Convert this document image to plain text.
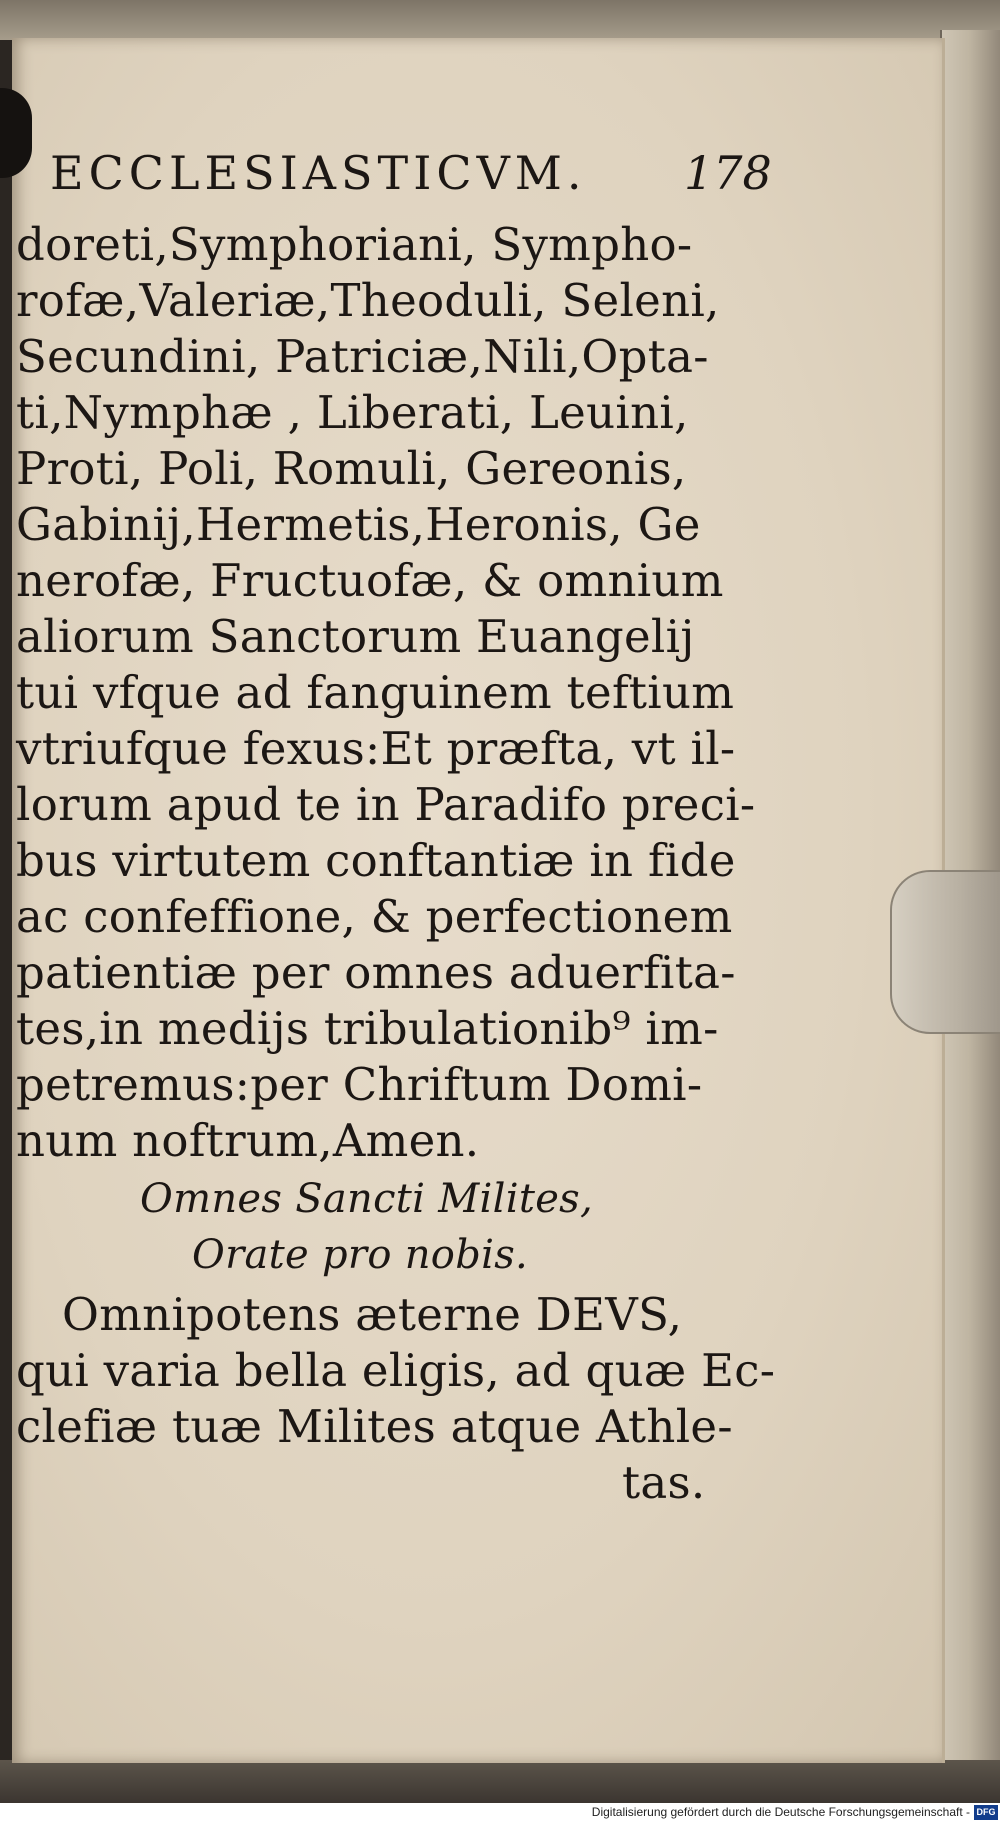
ECCLESIASTICVM. 178
doreti,Symphoriani, Sympho-
rofæ,Valeriæ,Theoduli, Seleni,
Secundini, Patriciæ,Nili,Opta-
ti,Nymphæ , Liberati, Leuini,
Proti, Poli, Romuli, Gereonis,
Gabinij,Hermetis,Heronis, Ge
nerofæ, Fructuofæ, & omnium
aliorum Sanctorum Euangelij
tui vfque ad fanguinem teftium
vtriufque fexus:Et præfta, vt il-
lorum apud te in Paradifo preci-
bus virtutem conftantiæ in fide
ac confeffione, & perfectionem
patientiæ per omnes aduerfita-
tes,in medijs tribulationib⁹ im-
petremus:per Chriftum Domi-
num noftrum,Amen.
Omnes Sancti Milites,
Orate pro nobis.
Omnipotens æterne DEVS,
qui varia bella eligis, ad quæ Ec-
clefiæ tuæ Milites atque Athle-
tas.
Digitalisierung gefördert durch die Deutsche Forschungsgemeinschaft - DFG
